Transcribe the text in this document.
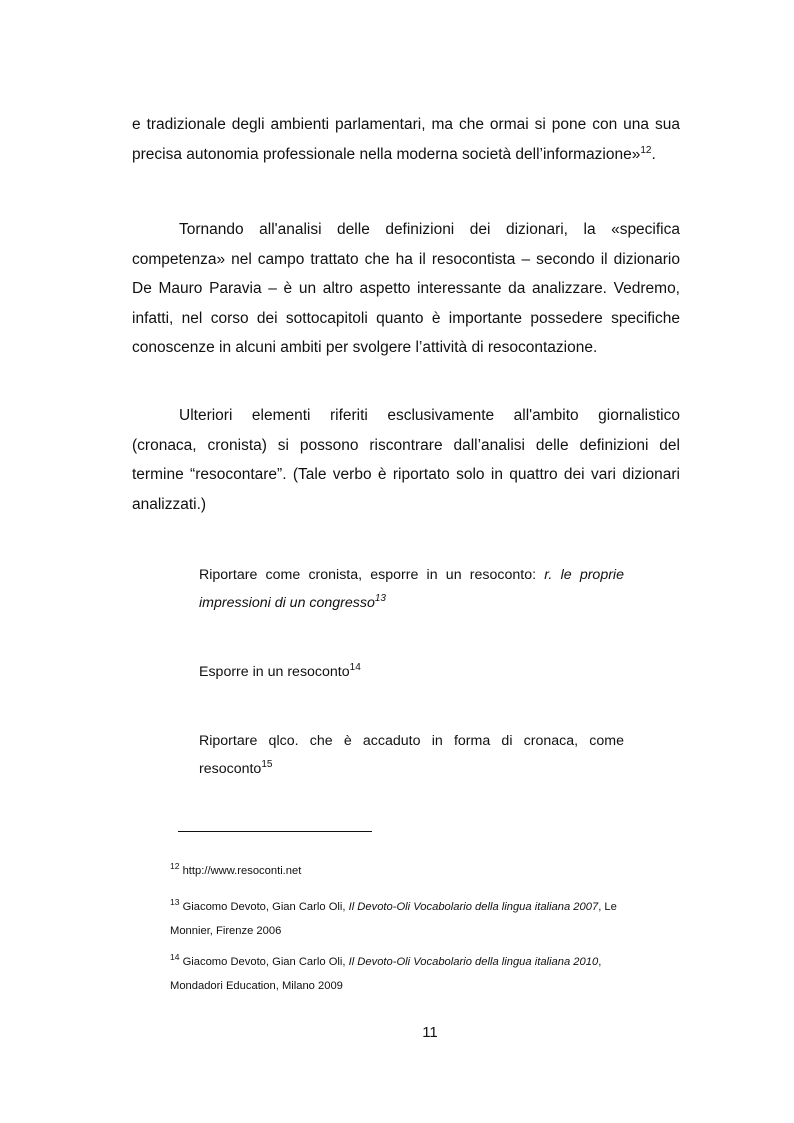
e tradizionale degli ambienti parlamentari, ma che ormai si pone con una sua
precisa autonomia professionale nella moderna società dell’informazione»$^{12}$.
Tornando all'analisi delle definizioni dei dizionari, la «specifica
competenza» nel campo trattato che ha il resocontista – secondo il dizionario
De Mauro Paravia – è un altro aspetto interessante da analizzare. Vedremo,
infatti, nel corso dei sottocapitoli quanto è importante possedere specifiche
conoscenze in alcuni ambiti per svolgere l’attività di resocontazione.
Ulteriori elementi riferiti esclusivamente all'ambito giornalistico
(cronaca, cronista) si possono riscontrare dall’analisi delle definizioni del
termine “resocontare”. (Tale verbo è riportato solo in quattro dei vari dizionari
analizzati.)
Riportare come cronista, esporre in un resoconto: r. le proprie
impressioni di un congresso$^{13}$
Esporre in un resoconto$^{14}$
Riportare qlco. che è accaduto in forma di cronaca, come
resoconto$^{15}$
$^{12}$ http://www.resoconti.net
$^{13}$ Giacomo Devoto, Gian Carlo Oli, Il Devoto-Oli Vocabolario della lingua italiana 2007, Le
Monnier, Firenze 2006
$^{14}$ Giacomo Devoto, Gian Carlo Oli, Il Devoto-Oli Vocabolario della lingua italiana 2010,
Mondadori Education, Milano 2009
11
